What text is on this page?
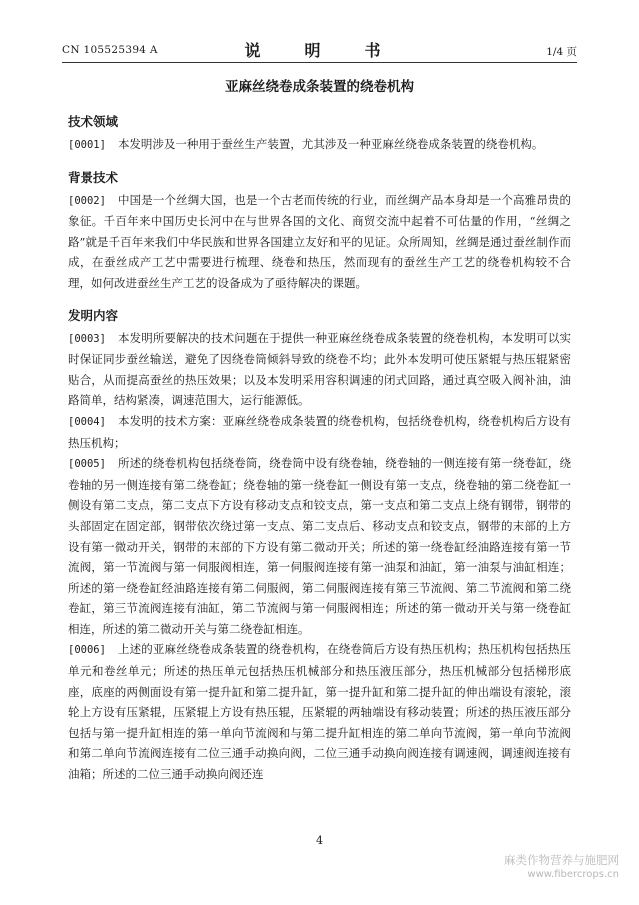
CN 105525394 A	说　明　书	1/4 页
亚麻丝绕卷成条装置的绕卷机构
技术领域

[0001] 本发明涉及一种用于蚕丝生产装置，尤其涉及一种亚麻丝绕卷成条装置的绕卷机构。

背景技术

[0002] 中国是一个丝绸大国，也是一个古老而传统的行业，而丝绸产品本身却是一个高雅昂贵的象征。千百年来中国历史长河中在与世界各国的文化、商贸交流中起着不可估量的作用，“丝绸之路”就是千百年来我们中华民族和世界各国建立友好和平的见证。众所周知，丝绸是通过蚕丝制作而成，在蚕丝成产工艺中需要进行梳理、绕卷和热压，然而现有的蚕丝生产工艺的绕卷机构较不合理，如何改进蚕丝生产工艺的设备成为了亟待解决的课题。

发明内容

[0003] 本发明所要解决的技术问题在于提供一种亚麻丝绕卷成条装置的绕卷机构，本发明可以实时保证同步蚕丝输送，避免了因绕卷筒倾斜导致的绕卷不均；此外本发明可使压紧辊与热压辊紧密贴合，从而提高蚕丝的热压效果；以及本发明采用容积调速的闭式回路，通过真空吸入阀补油，油路简单，结构紧凑，调速范围大，运行能源低。

[0004] 本发明的技术方案：亚麻丝绕卷成条装置的绕卷机构，包括绕卷机构，绕卷机构后方设有热压机构；

[0005] 所述的绕卷机构包括绕卷筒，绕卷筒中设有绕卷轴，绕卷轴的一侧连接有第一绕卷缸，绕卷轴的另一侧连接有第二绕卷缸；绕卷轴的第一绕卷缸一侧设有第一支点，绕卷轴的第二绕卷缸一侧设有第二支点，第二支点下方设有移动支点和铰支点，第一支点和第二支点上绕有钢带，钢带的头部固定在固定部，钢带依次绕过第一支点、第二支点后、移动支点和铰支点，钢带的末部的上方设有第一微动开关，钢带的末部的下方设有第二微动开关；所述的第一绕卷缸经油路连接有第一节流阀，第一节流阀与第一伺服阀相连，第一伺服阀连接有第一油泵和油缸，第一油泵与油缸相连；所述的第一绕卷缸经油路连接有第二伺服阀，第二伺服阀连接有第三节流阀、第二节流阀和第二绕卷缸，第三节流阀连接有油缸，第二节流阀与第一伺服阀相连；所述的第一微动开关与第一绕卷缸相连，所述的第二微动开关与第二绕卷缸相连。

[0006] 上述的亚麻丝绕卷成条装置的绕卷机构，在绕卷筒后方设有热压机构；热压机构包括热压单元和卷丝单元；所述的热压单元包括热压机械部分和热压液压部分，热压机械部分包括梯形底座，底座的两侧面设有第一提升缸和第二提升缸，第一提升缸和第二提升缸的伸出端设有滚轮，滚轮上方设有压紧辊，压紧辊上方设有热压辊，压紧辊的两轴端设有移动装置；所述的热压液压部分包括与第一提升缸相连的第一单向节流阀和与第二提升缸相连的第二单向节流阀，第一单向节流阀和第二单向节流阀连接有二位三通手动换向阀，二位三通手动换向阀连接有调速阀，调速阀连接有油箱；所述的二位三通手动换向阀还连

4
麻类作物营养与施肥网
www.fibercrops.cn
